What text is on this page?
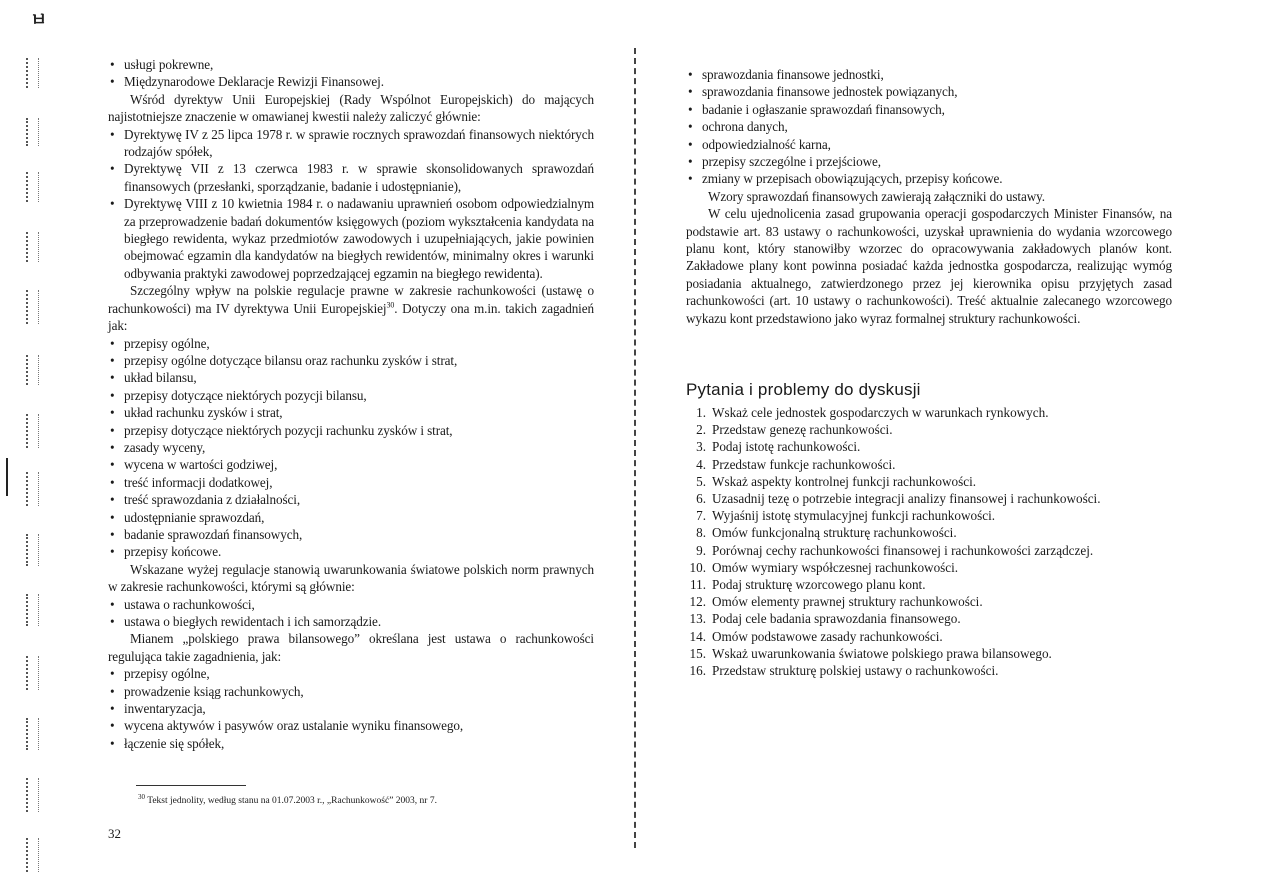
ㅂ
• usługi pokrewne,
• Międzynarodowe Deklaracje Rewizji Finansowej.

Wśród dyrektyw Unii Europejskiej (Rady Wspólnot Europejskich) do mających najistotniejsze znaczenie w omawianej kwestii należy zaliczyć głównie:

• Dyrektywę IV z 25 lipca 1978 r. w sprawie rocznych sprawozdań finansowych niektórych rodzajów spółek,
• Dyrektywę VII z 13 czerwca 1983 r. w sprawie skonsolidowanych sprawozdań finansowych (przesłanki, sporządzanie, badanie i udostępnianie),
• Dyrektywę VIII z 10 kwietnia 1984 r. o nadawaniu uprawnień osobom odpowiedzialnym za przeprowadzenie badań dokumentów księgowych (poziom wykształcenia kandydata na biegłego rewidenta, wykaz przedmiotów zawodowych i uzupełniających, jakie powinien obejmować egzamin dla kandydatów na biegłych rewidentów, minimalny okres i warunki odbywania praktyki zawodowej poprzedzającej egzamin na biegłego rewidenta).

Szczególny wpływ na polskie regulacje prawne w zakresie rachunkowości (ustawę o rachunkowości) ma IV dyrektywa Unii Europejskiej$^{30}$. Dotyczy ona m.in. takich zagadnień jak:

• przepisy ogólne,
• przepisy ogólne dotyczące bilansu oraz rachunku zysków i strat,
• układ bilansu,
• przepisy dotyczące niektórych pozycji bilansu,
• układ rachunku zysków i strat,
• przepisy dotyczące niektórych pozycji rachunku zysków i strat,
• zasady wyceny,
• wycena w wartości godziwej,
• treść informacji dodatkowej,
• treść sprawozdania z działalności,
• udostępnianie sprawozdań,
• badanie sprawozdań finansowych,
• przepisy końcowe.

Wskazane wyżej regulacje stanowią uwarunkowania światowe polskich norm prawnych w zakresie rachunkowości, którymi są głównie:

• ustawa o rachunkowości,
• ustawa o biegłych rewidentach i ich samorządzie.

Mianem „polskiego prawa bilansowego” określana jest ustawa o rachunkowości regulująca takie zagadnienia, jak:

• przepisy ogólne,
• prowadzenie ksiąg rachunkowych,
• inwentaryzacja,
• wycena aktywów i pasywów oraz ustalanie wyniku finansowego,
• łączenie się spółek,
$^{30}$ Tekst jednolity, według stanu na 01.07.2003 r., „Rachunkowość” 2003, nr 7.
32
• sprawozdania finansowe jednostki,
• sprawozdania finansowe jednostek powiązanych,
• badanie i ogłaszanie sprawozdań finansowych,
• ochrona danych,
• odpowiedzialność karna,
• przepisy szczególne i przejściowe,
• zmiany w przepisach obowiązujących, przepisy końcowe.

Wzory sprawozdań finansowych zawierają załączniki do ustawy.

W celu ujednolicenia zasad grupowania operacji gospodarczych Minister Finansów, na podstawie art. 83 ustawy o rachunkowości, uzyskał uprawnienia do wydania wzorcowego planu kont, który stanowiłby wzorzec do opracowywania zakładowych planów kont. Zakładowe plany kont powinna posiadać każda jednostka gospodarcza, realizując wymóg posiadania aktualnego, zatwierdzonego przez jej kierownika opisu przyjętych zasad rachunkowości (art. 10 ustawy o rachunkowości). Treść aktualnie zalecanego wzorcowego wykazu kont przedstawiono jako wyraz formalnej struktury rachunkowości.

Pytania i problemy do dyskusji
1. Wskaż cele jednostek gospodarczych w warunkach rynkowych.
2. Przedstaw genezę rachunkowości.
3. Podaj istotę rachunkowości.
4. Przedstaw funkcje rachunkowości.
5. Wskaż aspekty kontrolnej funkcji rachunkowości.
6. Uzasadnij tezę o potrzebie integracji analizy finansowej i rachunkowości.
7. Wyjaśnij istotę stymulacyjnej funkcji rachunkowości.
8. Omów funkcjonalną strukturę rachunkowości.
9. Porównaj cechy rachunkowości finansowej i rachunkowości zarządczej.
10. Omów wymiary współczesnej rachunkowości.
11. Podaj strukturę wzorcowego planu kont.
12. Omów elementy prawnej struktury rachunkowości.
13. Podaj cele badania sprawozdania finansowego.
14. Omów podstawowe zasady rachunkowości.
15. Wskaż uwarunkowania światowe polskiego prawa bilansowego.
16. Przedstaw strukturę polskiej ustawy o rachunkowości.
